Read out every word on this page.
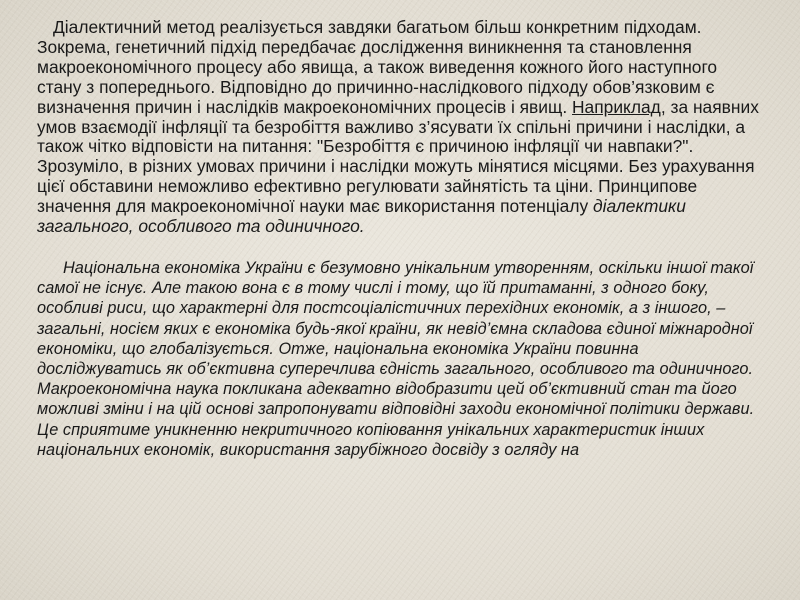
Діалектичний метод реалізується завдяки багатьом більш конкретним підходам. Зокрема, генетичний підхід передбачає дослідження виникнення та становлення макроекономічного процесу або явища, а також виведення кожного його наступного стану з попереднього. Відповідно до причинно-наслідкового підходу обов’язковим є визначення причин і наслідків макроекономічних процесів і явищ. Наприклад, за наявних умов взаємодії інфляції та безробіття важливо з’ясувати їх спільні причини і наслідки, а також чітко відповісти на питання: "Безробіття є причиною інфляції чи навпаки?". Зрозуміло, в різних умовах причини і наслідки можуть мінятися місцями. Без урахування цієї обставини неможливо ефективно регулювати зайнятість та ціни. Принципове значення для макроекономічної науки має використання потенціалу діалектики загального, особливого та одиничного.

Національна економіка України є безумовно унікальним утворенням, оскільки іншої такої самої не існує. Але такою вона є в тому числі і тому, що їй притаманні, з одного боку, особливі риси, що характерні для постсоціалістичних перехідних економік, а з іншого, – загальні, носієм яких є економіка будь-якої країни, як невід’ємна складова єдиної міжнародної економіки, що глобалізується. Отже, національна економіка України повинна досліджуватись як об’єктивна суперечлива єдність загального, особливого та одиничного. Макроекономічна наука покликана адекватно відобразити цей об’єктивний стан та його можливі зміни і на цій основі запропонувати відповідні заходи економічної політики держави. Це сприятиме уникненню некритичного копіювання унікальних характеристик інших національних економік, використання зарубіжного досвіду з огляду на
